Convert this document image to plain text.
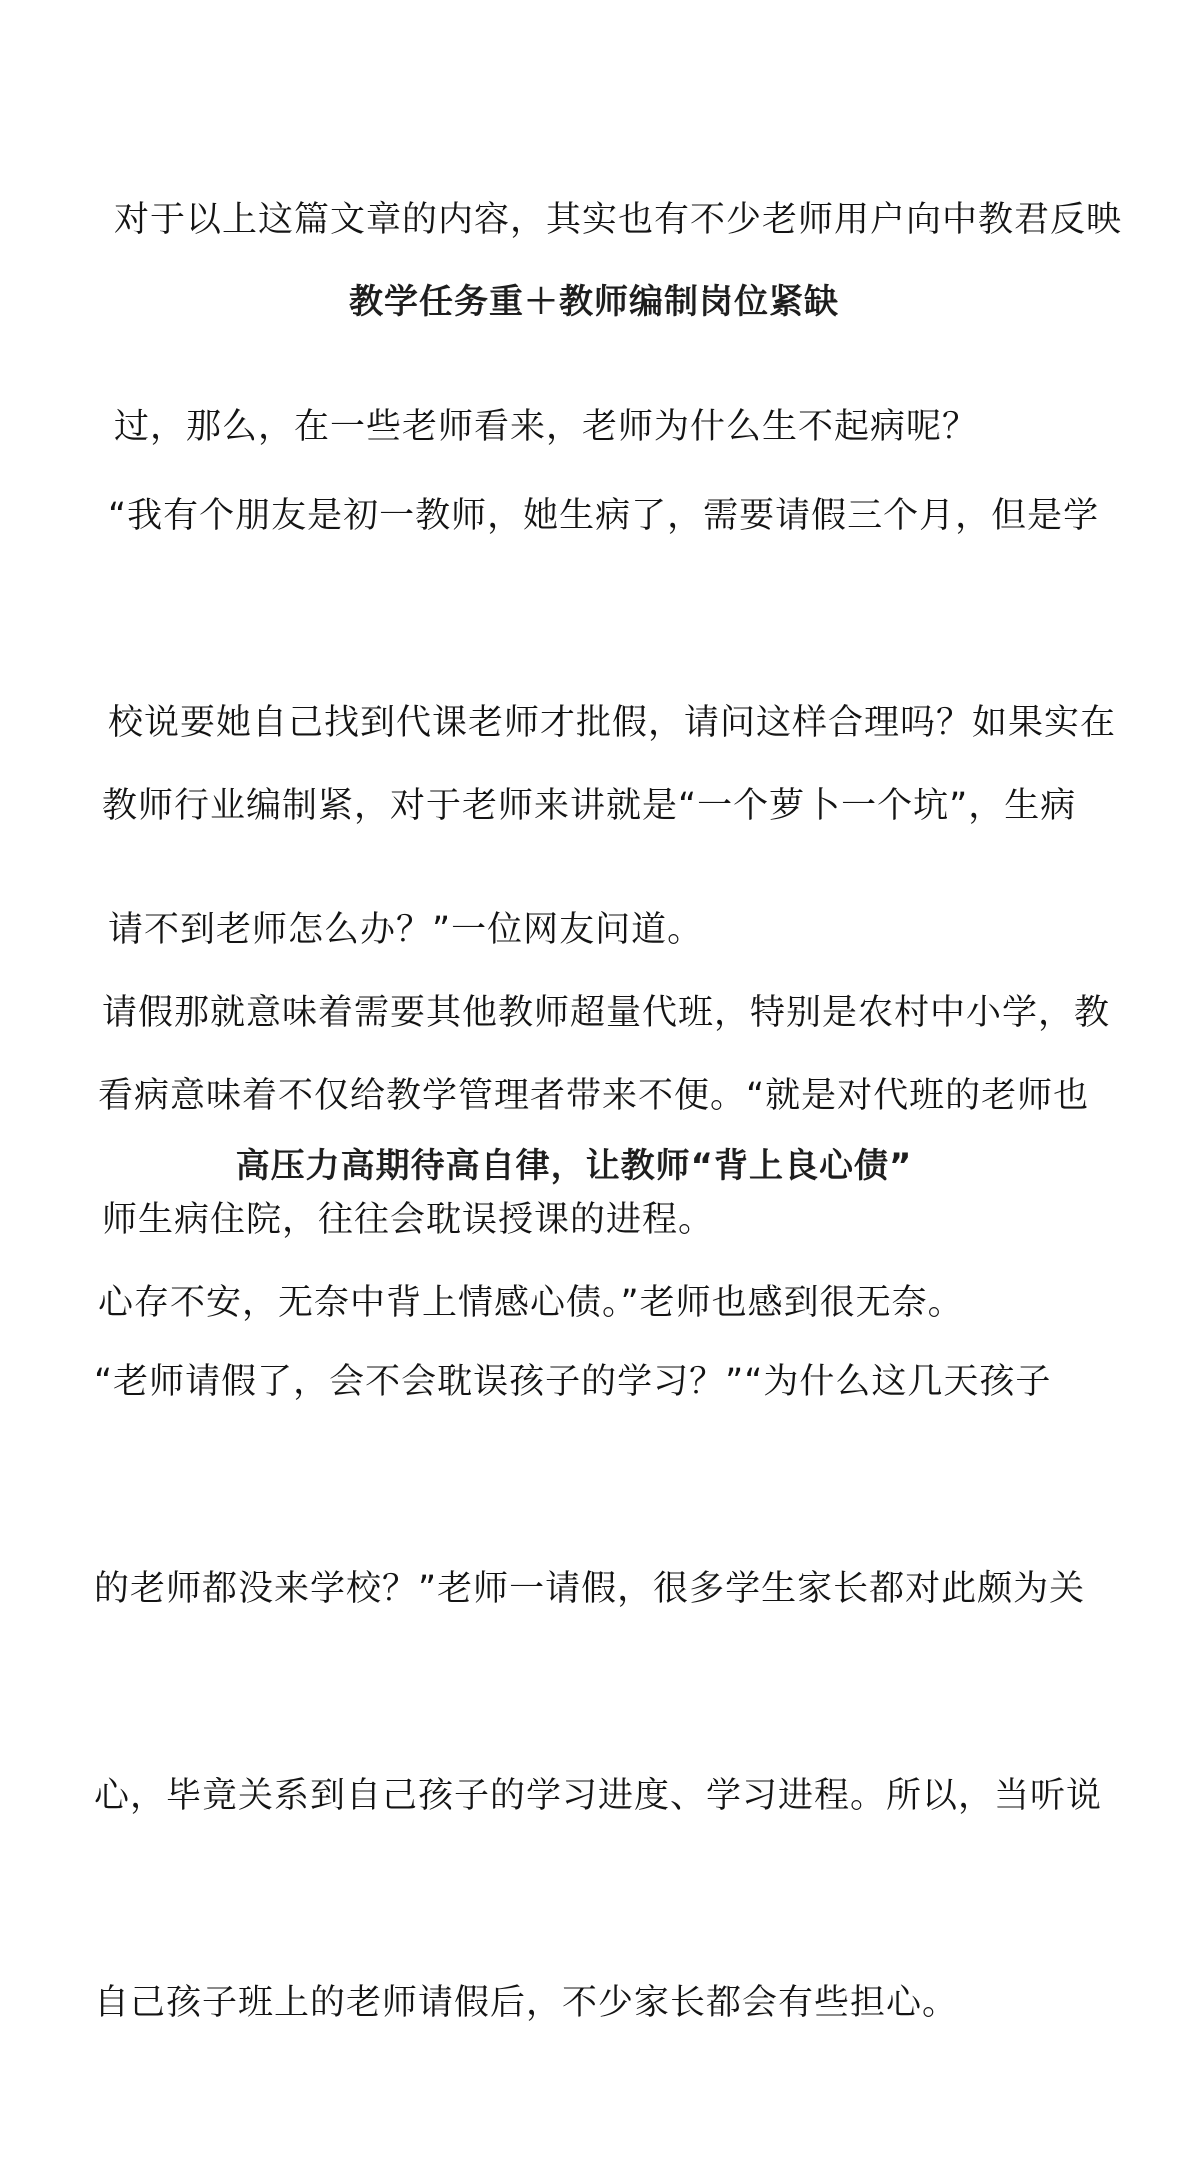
对于以上这篇文章的内容，其实也有不少老师用户向中教君反映

过，那么，在一些老师看来，老师为什么生不起病呢？

教学任务重＋教师编制岗位紧缺

“我有个朋友是初一教师，她生病了，需要请假三个月，但是学

校说要她自己找到代课老师才批假，请问这样合理吗？如果实在

请不到老师怎么办？”一位网友问道。

教师行业编制紧，对于老师来讲就是“一个萝卜一个坑”，生病

请假那就意味着需要其他教师超量代班，特别是农村中小学，教

师生病住院，往往会耽误授课的进程。

看病意味着不仅给教学管理者带来不便。“就是对代班的老师也

心存不安，无奈中背上情感心债。”老师也感到很无奈。

高压力高期待高自律，让教师“背上良心债”

“老师请假了，会不会耽误孩子的学习？”“为什么这几天孩子

的老师都没来学校？”老师一请假，很多学生家长都对此颇为关

心，毕竟关系到自己孩子的学习进度、学习进程。所以，当听说

自己孩子班上的老师请假后，不少家长都会有些担心。
